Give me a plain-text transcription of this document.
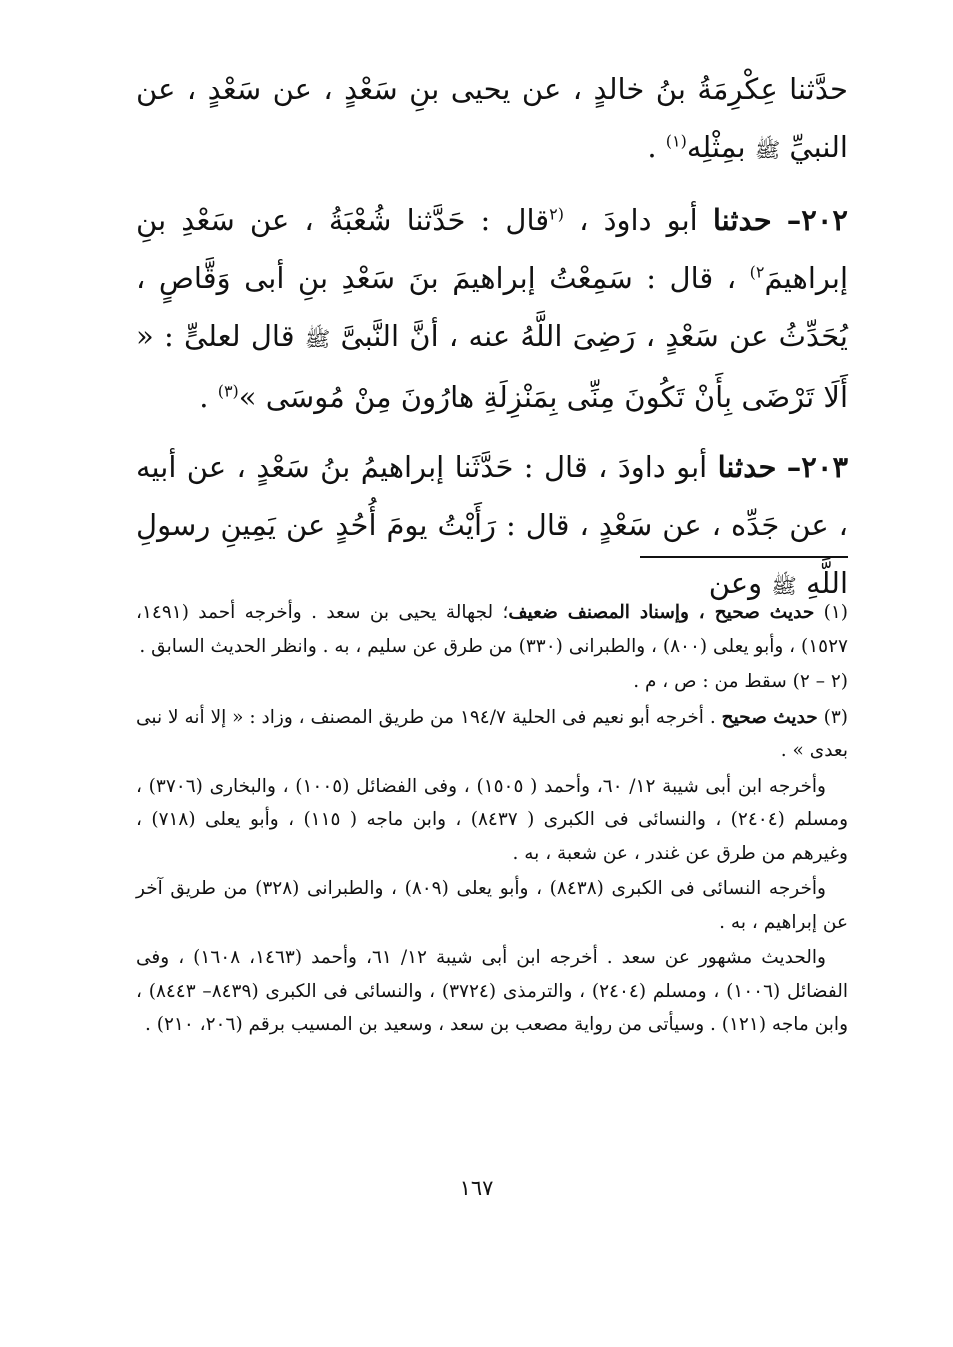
حدَّثنا عِكْرِمَةُ بنُ خالدٍ ، عن يحيى بنِ سَعْدٍ ، عن سَعْدٍ ، عن النبيِّ ﷺ بمِثْلِه$^{(١)}$ .

٢٠٢– حدثنا أبو داودَ ، $^{(٢}$قال : حَدَّثنا شُعْبَةُ ، عن سَعْدِ بنِ إبراهيمَ$^{٢)}$ ، قال : سَمِعْتُ إبراهيمَ بنَ سَعْدِ بنِ أبى وَقَّاصٍ ، يُحَدِّثُ عن سَعْدٍ ، رَضِىَ اللَّهُ عنه ، أنَّ النَّبىَّ ﷺ قال لعلىٍّ : « أَلَا تَرْضَى بِأَنْ تَكُونَ مِنِّى بِمَنْزِلَةِ هارُونَ مِنْ مُوسَى »$^{(٣)}$ .

٢٠٣– حدثنا أبو داودَ ، قال : حَدَّثَنا إبراهيمُ بنُ سَعْدٍ ، عن أبيه ، عن جَدِّه ، عن سَعْدٍ ، قال : رَأَيْتُ يومَ أُحُدٍ عن يَمِينِ رسولِ اللَّهِ ﷺ وعن

(١) حديث صحيح ، وإسناد المصنف ضعيف؛ لجهالة يحيى بن سعد . وأخرجه أحمد (١٤٩١، ١٥٢٧) ، وأبو يعلى (٨٠٠) ، والطبرانى (٣٣٠) من طرق عن سليم ، به . وانظر الحديث السابق .

(٢ – ٢) سقط من : ص ، م .

(٣) حديث صحيح . أخرجه أبو نعيم فى الحلية ١٩٤/٧ من طريق المصنف ، وزاد : « إلا أنه لا نبى بعدى » .

وأخرجه ابن أبى شيبة ١٢/ ٦٠، وأحمد ( ١٥٠٥) ، وفى الفضائل (١٠٠٥) ، والبخارى (٣٧٠٦) ، ومسلم (٢٤٠٤) ، والنسائى فى الكبرى ( ٨٤٣٧) ، وابن ماجه ( ١١٥) ، وأبو يعلى (٧١٨) ، وغيرهم من طرق عن غندر ، عن شعبة ، به .

وأخرجه النسائى فى الكبرى (٨٤٣٨) ، وأبو يعلى (٨٠٩) ، والطبرانى (٣٢٨) من طريق آخر عن إبراهيم ، به .

والحديث مشهور عن سعد . أخرجه ابن أبى شيبة ١٢/ ٦١، وأحمد (١٤٦٣، ١٦٠٨) ، وفى الفضائل (١٠٠٦) ، ومسلم (٢٤٠٤) ، والترمذى (٣٧٢٤) ، والنسائى فى الكبرى (٨٤٣٩– ٨٤٤٣) ، وابن ماجه (١٢١) . وسيأتى من رواية مصعب بن سعد ، وسعيد بن المسيب برقم (٢٠٦، ٢١٠) .

١٦٧
